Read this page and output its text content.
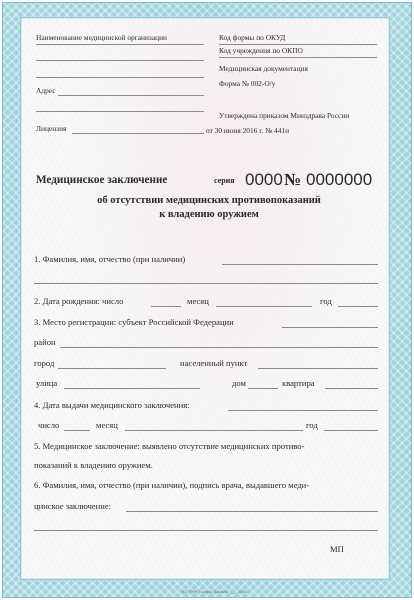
Наименование медицинской организации
Адрес
Лицензия
Код формы по ОКУД
Код учреждения по ОКПО
Медицинская документация
Форма № 002-О/у
Утверждена приказом Минздрава России
от 30 июня 2016 г. № 441н
Медицинское заключение	серия 0000 № 0000000
об отсутствии медицинских противопоказаний
к владению оружием
1. Фамилия, имя, отчество (при наличии)
2. Дата рождения: число	месяц	год
3. Место регистрации: субъект Российской Федерации
район
город	населенный пункт
улица	дом	квартира
4. Дата выдачи медицинского заключения:
число	месяц	год
5. Медицинское заключение: выявлено отсутствие медицинских противо-
показаний к владению оружием.
6. Фамилия, имя, отчество (при наличии), подпись врача, выдавшего меди-
цинское заключение:
МП
АО "ПФК" Госзнак" Заказ № ____ 2016 г.
